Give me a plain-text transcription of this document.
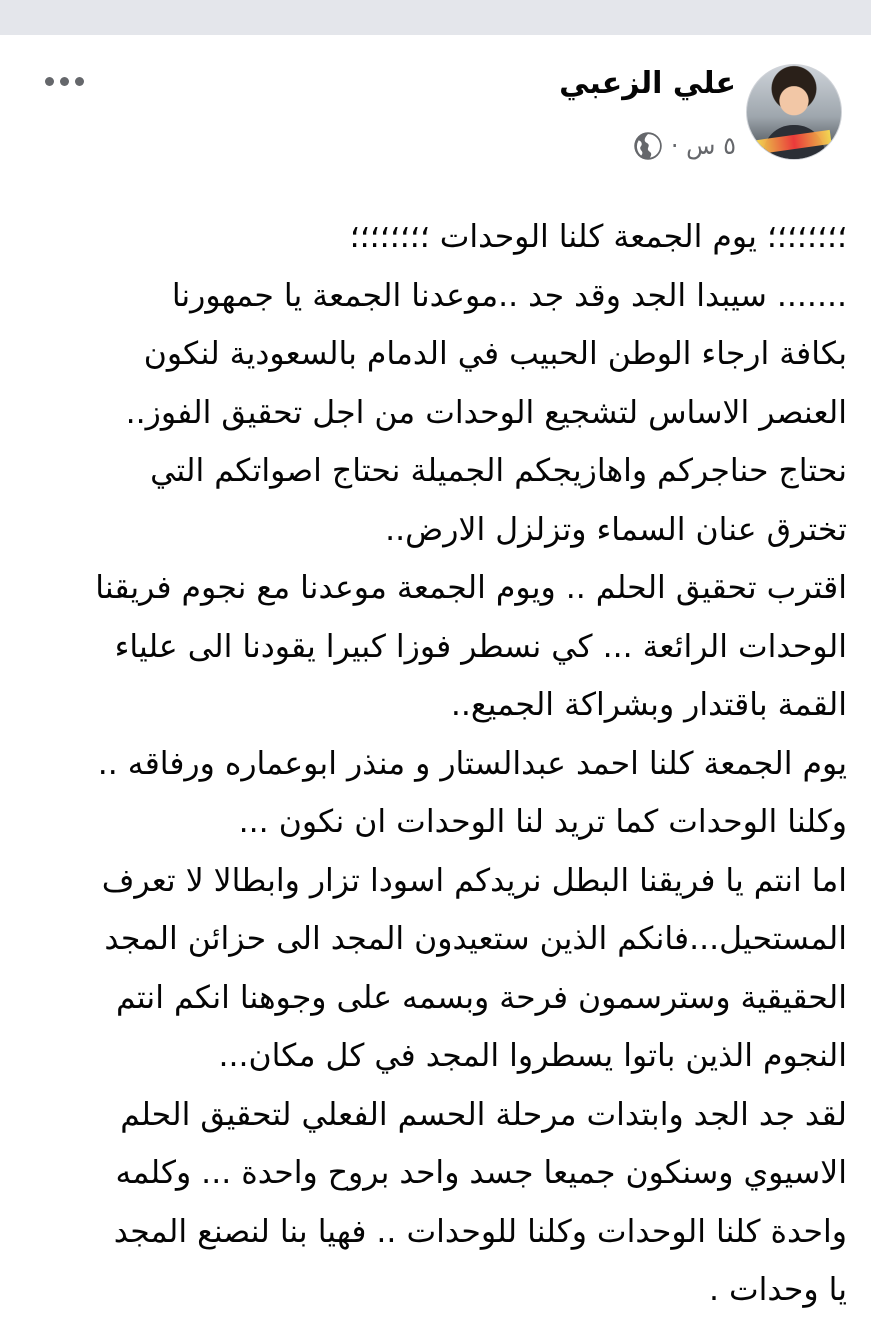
علي الزعبي
٥ س ·
؛؛؛؛؛؛؛؛ يوم الجمعة كلنا الوحدات ؛؛؛؛؛؛؛؛
....... سيبدا الجد وقد جد ..موعدنا الجمعة يا جمهورنا
بكافة ارجاء الوطن الحبيب في الدمام بالسعودية لنكون
العنصر الاساس لتشجيع الوحدات من اجل تحقيق الفوز..
نحتاج حناجركم واهازيجكم الجميلة نحتاج اصواتكم التي
تخترق عنان السماء وتزلزل الارض..
اقترب تحقيق الحلم .. ويوم الجمعة موعدنا مع نجوم فريقنا
الوحدات الرائعة ... كي نسطر فوزا كبيرا يقودنا الى علياء
القمة باقتدار وبشراكة الجميع..
يوم الجمعة كلنا احمد عبدالستار و منذر ابوعماره ورفاقه ..
وكلنا الوحدات كما تريد لنا الوحدات ان نكون ...
اما انتم يا فريقنا البطل نريدكم اسودا تزار وابطالا لا تعرف
المستحيل...فانكم الذين ستعيدون المجد الى حزائن المجد
الحقيقية وسترسمون فرحة وبسمه على وجوهنا انكم انتم
النجوم الذين باتوا يسطروا المجد في كل مكان...
لقد جد الجد وابتدات مرحلة الحسم الفعلي لتحقيق الحلم
الاسيوي وسنكون جميعا جسد واحد بروح واحدة ... وكلمه
واحدة كلنا الوحدات وكلنا للوحدات .. فهيا بنا لنصنع المجد
يا وحدات .
